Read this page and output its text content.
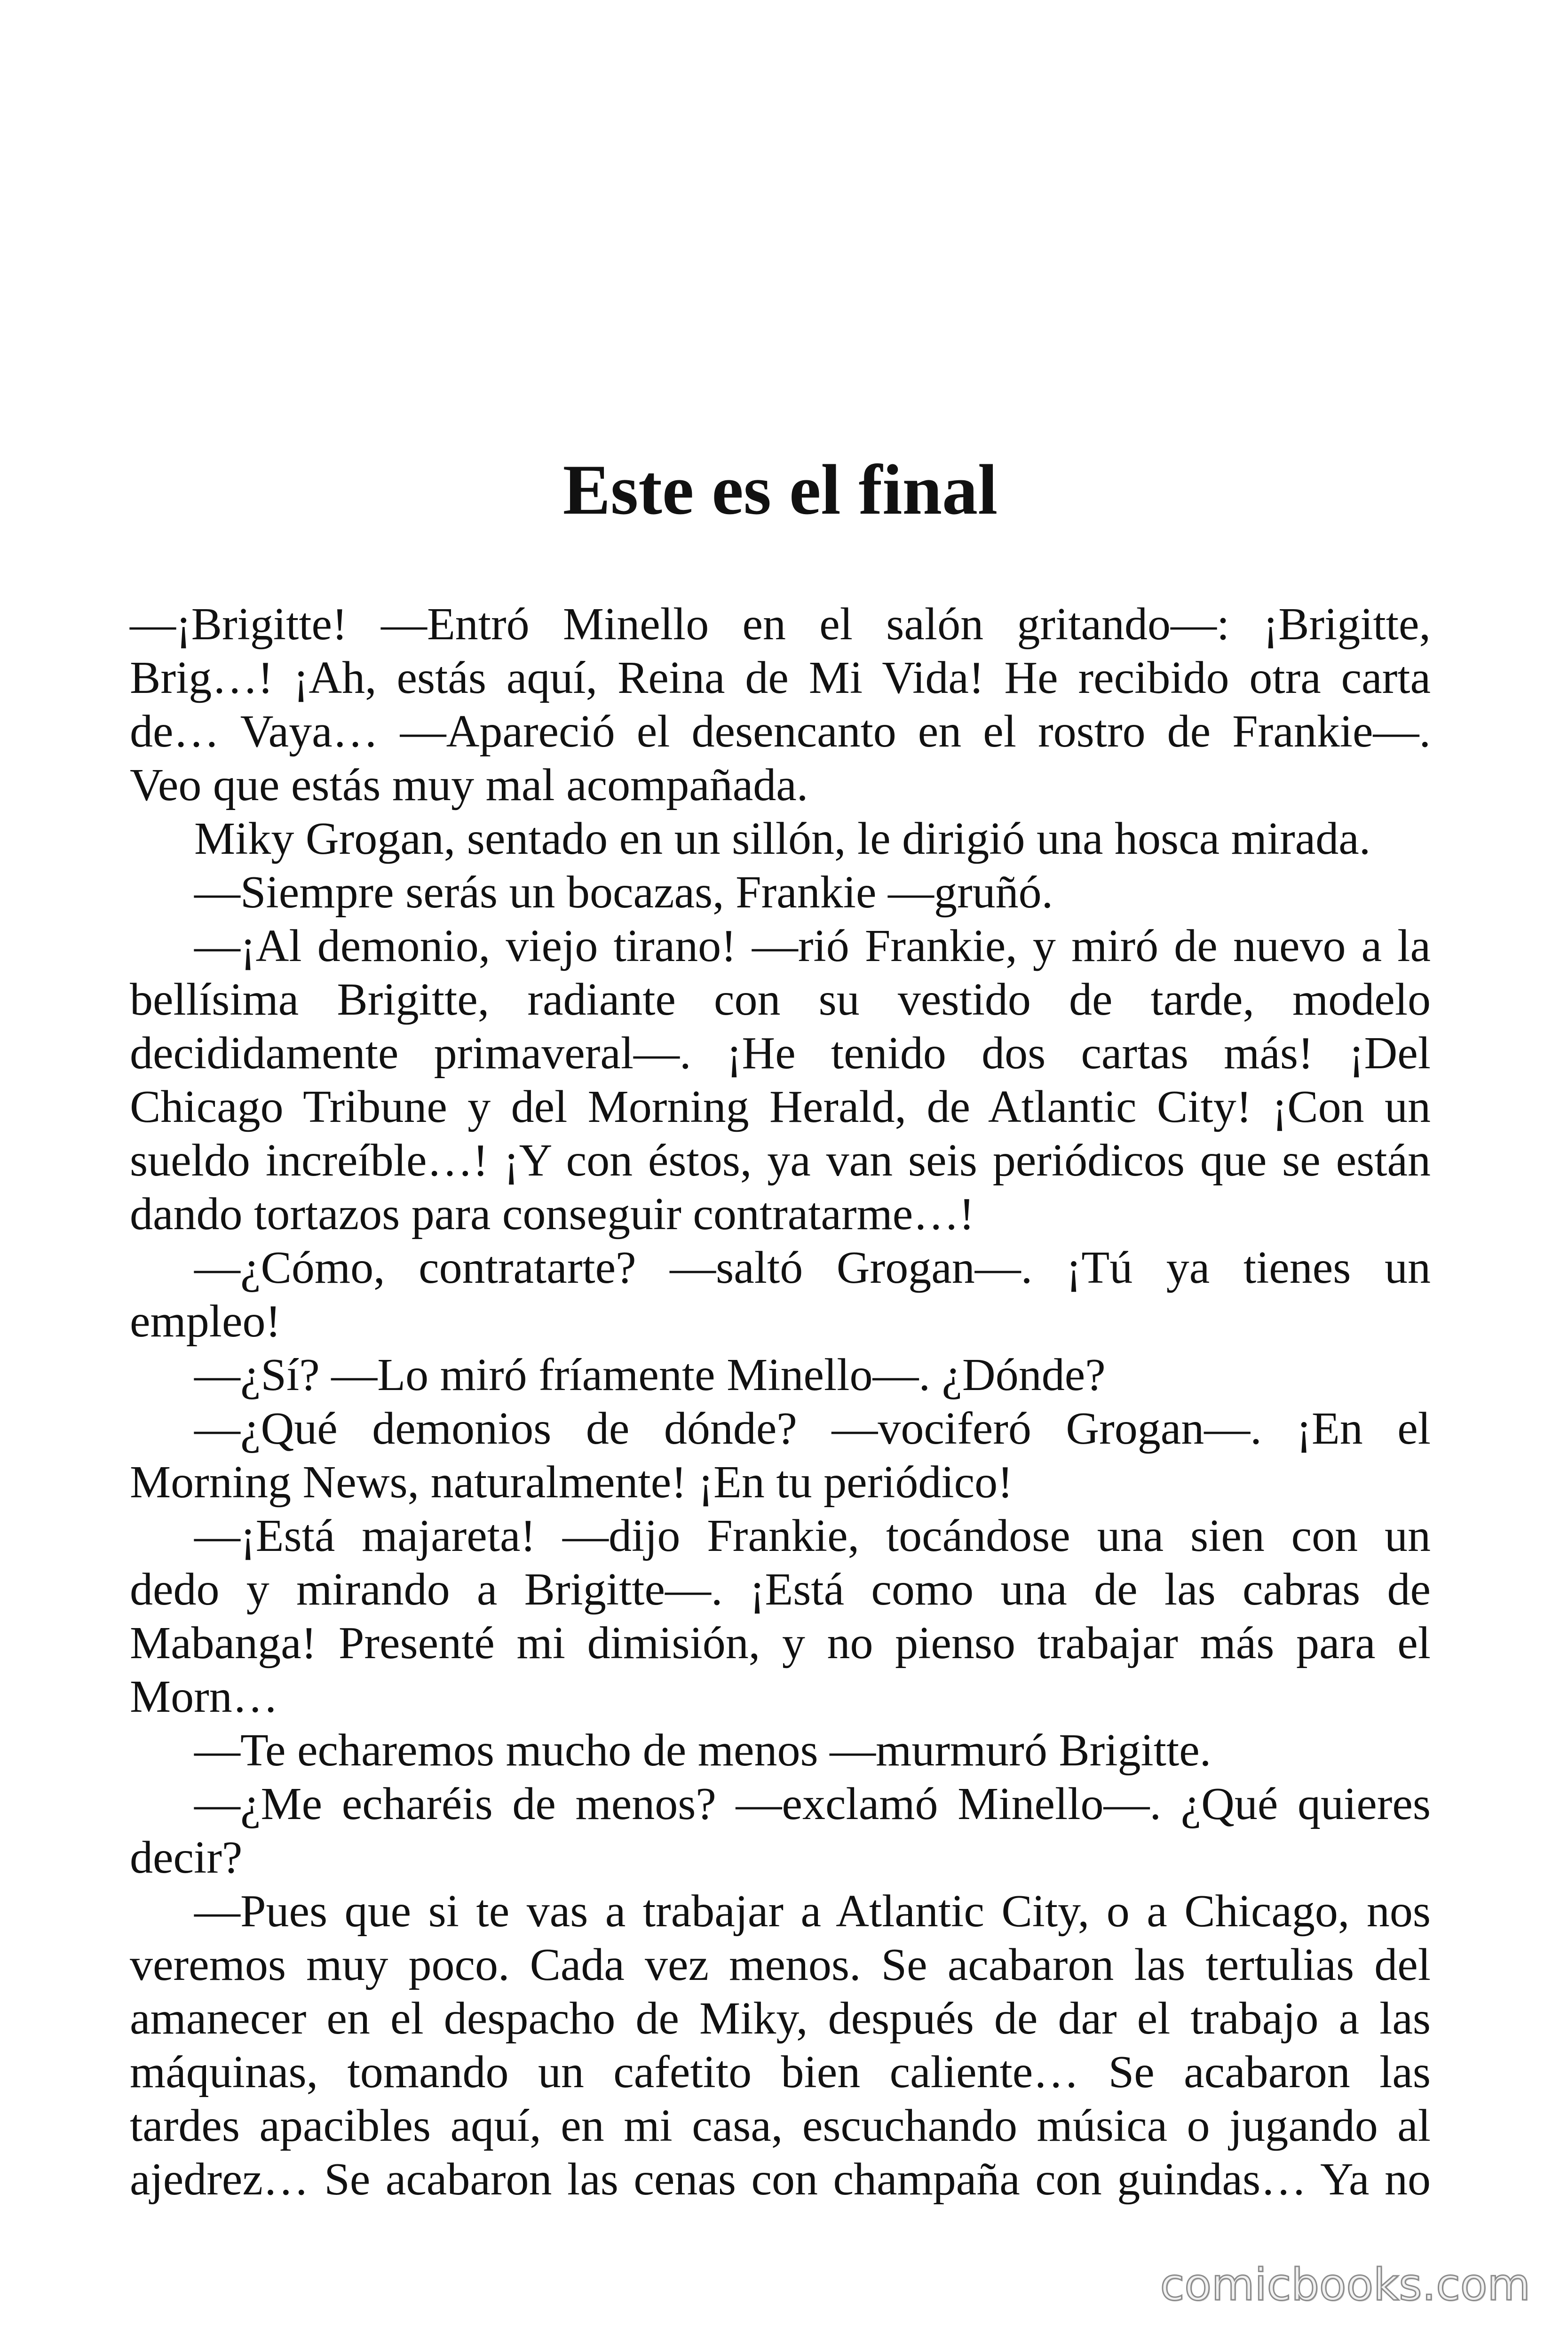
Este es el final
—¡Brigitte! —Entró Minello en el salón gritando—: ¡Brigitte,
Brig…! ¡Ah, estás aquí, Reina de Mi Vida! He recibido otra carta
de… Vaya… —Apareció el desencanto en el rostro de Frankie—.
Veo que estás muy mal acompañada.
Miky Grogan, sentado en un sillón, le dirigió una hosca mirada.
—Siempre serás un bocazas, Frankie —gruñó.
—¡Al demonio, viejo tirano! —rió Frankie, y miró de nuevo a la
bellísima Brigitte, radiante con su vestido de tarde, modelo
decididamente primaveral—. ¡He tenido dos cartas más! ¡Del
Chicago Tribune y del Morning Herald, de Atlantic City! ¡Con un
sueldo increíble…! ¡Y con éstos, ya van seis periódicos que se están
dando tortazos para conseguir contratarme…!
—¿Cómo, contratarte? —saltó Grogan—. ¡Tú ya tienes un
empleo!
—¿Sí? —Lo miró fríamente Minello—. ¿Dónde?
—¿Qué demonios de dónde? —vociferó Grogan—. ¡En el
Morning News, naturalmente! ¡En tu periódico!
—¡Está majareta! —dijo Frankie, tocándose una sien con un
dedo y mirando a Brigitte—. ¡Está como una de las cabras de
Mabanga! Presenté mi dimisión, y no pienso trabajar más para el
Morn…
—Te echaremos mucho de menos —murmuró Brigitte.
—¿Me echaréis de menos? —exclamó Minello—. ¿Qué quieres
decir?
—Pues que si te vas a trabajar a Atlantic City, o a Chicago, nos
veremos muy poco. Cada vez menos. Se acabaron las tertulias del
amanecer en el despacho de Miky, después de dar el trabajo a las
máquinas, tomando un cafetito bien caliente… Se acabaron las
tardes apacibles aquí, en mi casa, escuchando música o jugando al
ajedrez… Se acabaron las cenas con champaña con guindas… Ya no
comicbooks.com
